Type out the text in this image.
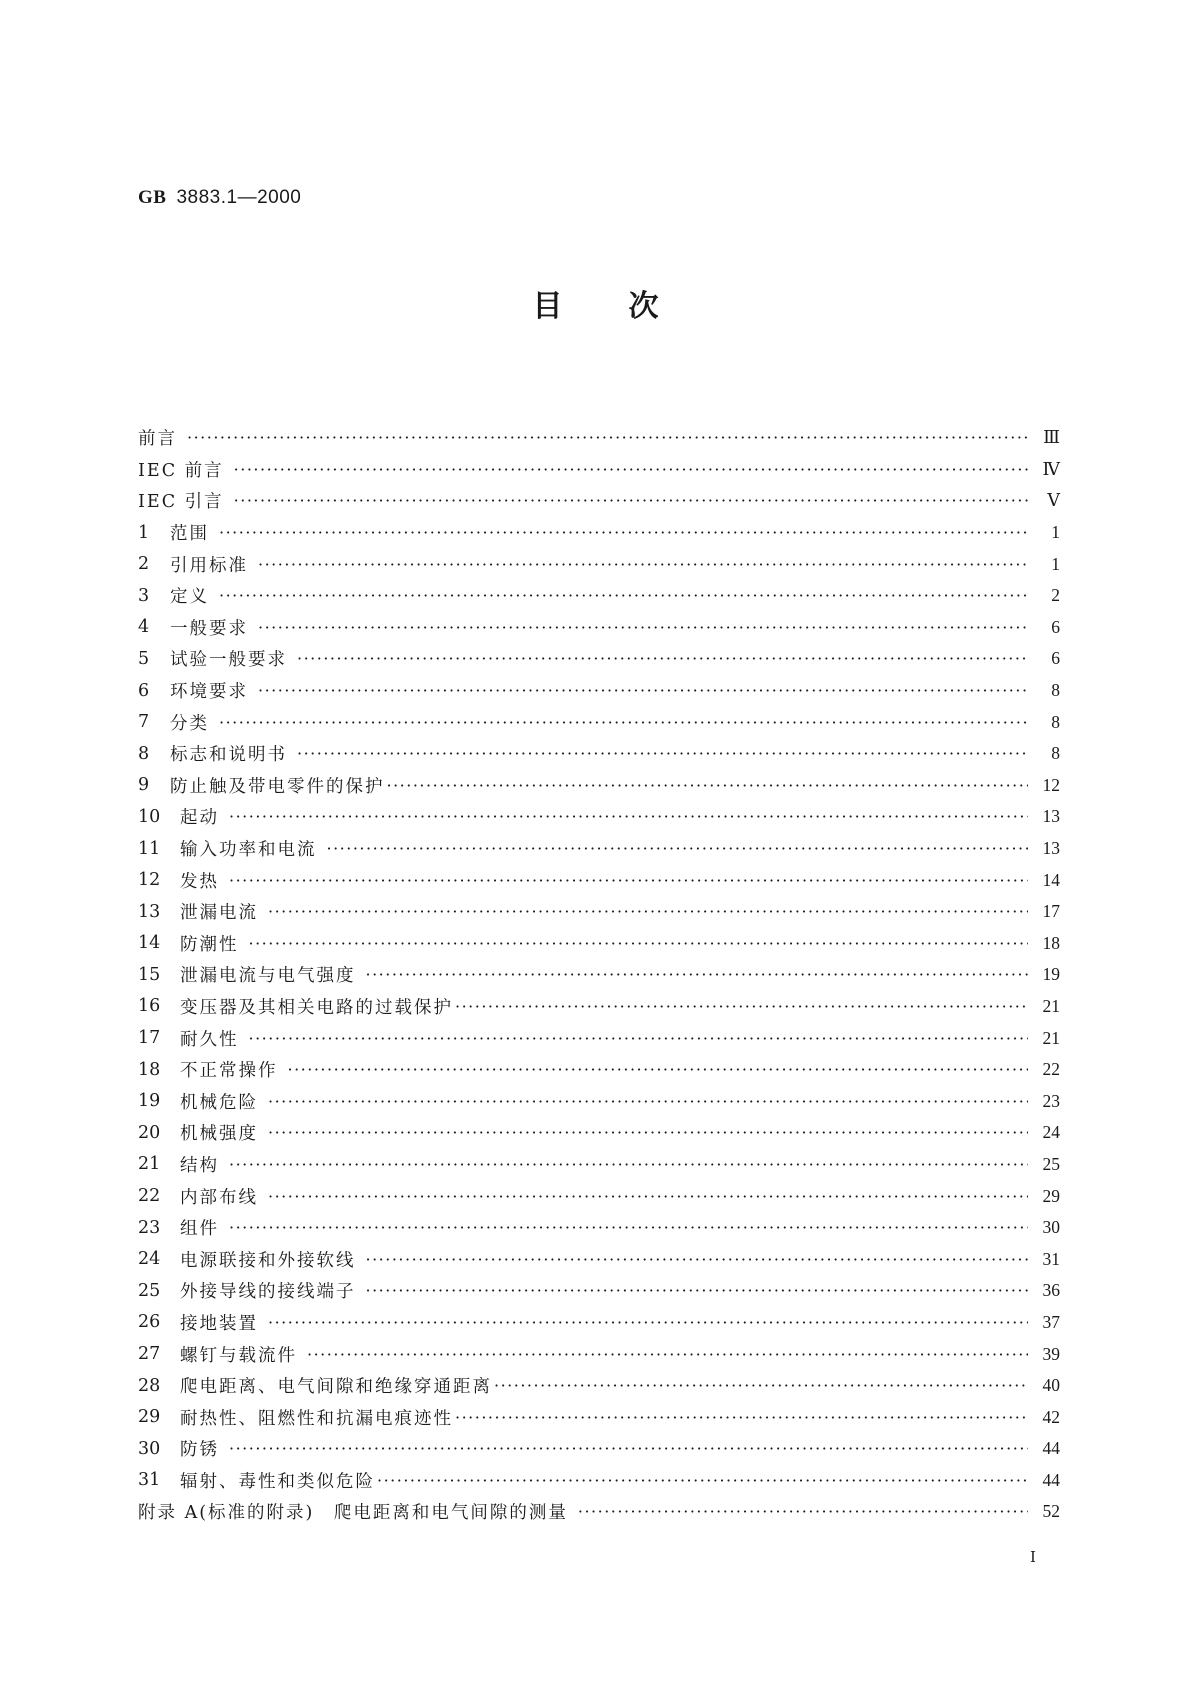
GB 3883.1—2000
目次
前言 ·····	Ⅲ
IEC 前言 ·····	Ⅳ
IEC 引言 ·····	Ⅴ
1	范围 ·····	1
2	引用标准 ·····	1
3	定义 ·····	2
4	一般要求 ·····	6
5	试验一般要求 ·····	6
6	环境要求 ·····	8
7	分类 ·····	8
8	标志和说明书 ·····	8
9	防止触及带电零件的保护 ·····	12
10	起动 ·····	13
11	输入功率和电流 ·····	13
12	发热 ·····	14
13	泄漏电流 ·····	17
14	防潮性 ·····	18
15	泄漏电流与电气强度 ·····	19
16	变压器及其相关电路的过载保护 ·····	21
17	耐久性 ·····	21
18	不正常操作 ·····	22
19	机械危险 ·····	23
20	机械强度 ·····	24
21	结构 ·····	25
22	内部布线 ·····	29
23	组件 ·····	30
24	电源联接和外接软线 ·····	31
25	外接导线的接线端子 ·····	36
26	接地装置 ·····	37
27	螺钉与载流件 ·····	39
28	爬电距离、电气间隙和绝缘穿通距离 ·····	40
29	耐热性、阻燃性和抗漏电痕迹性 ·····	42
30	防锈 ·····	44
31	辐射、毒性和类似危险 ·····	44
附录 A(标准的附录)　爬电距离和电气间隙的测量 ·····	52
Ⅰ
